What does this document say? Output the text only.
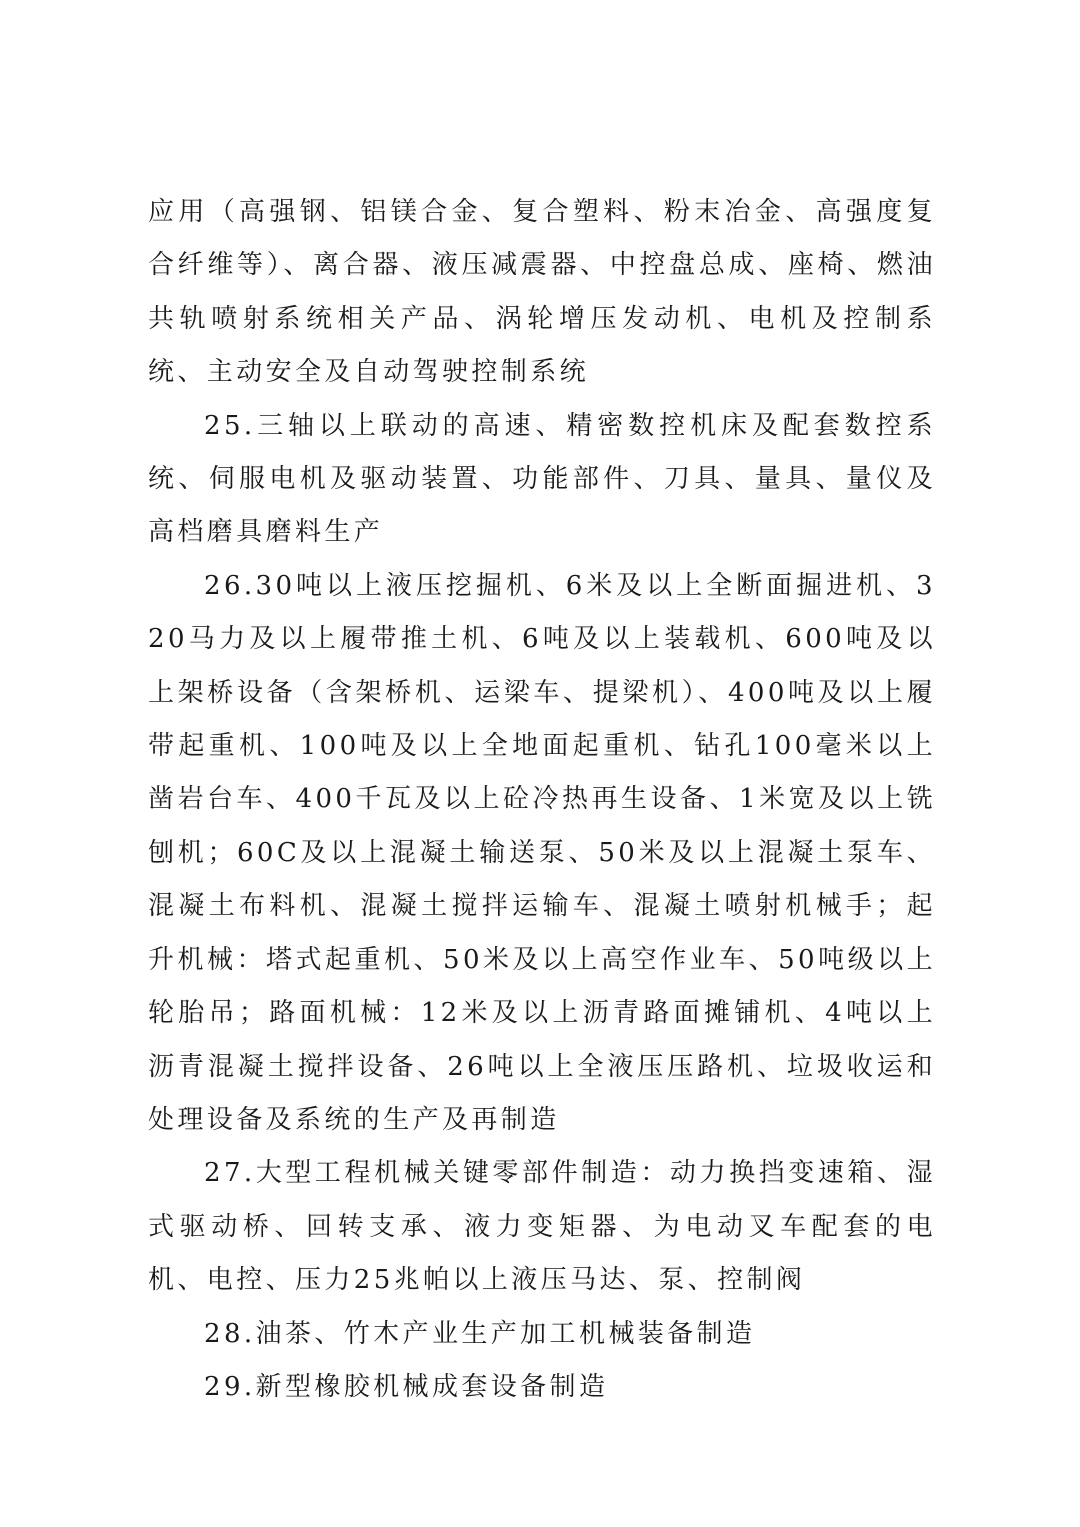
应用（高强钢、铝镁合金、复合塑料、粉末冶金、高强度复合纤维等）、离合器、液压减震器、中控盘总成、座椅、燃油共轨喷射系统相关产品、涡轮增压发动机、电机及控制系统、主动安全及自动驾驶控制系统

25.三轴以上联动的高速、精密数控机床及配套数控系统、伺服电机及驱动装置、功能部件、刀具、量具、量仪及高档磨具磨料生产

26.30吨以上液压挖掘机、6米及以上全断面掘进机、320马力及以上履带推土机、6吨及以上装载机、600吨及以上架桥设备（含架桥机、运梁车、提梁机）、400吨及以上履带起重机、100吨及以上全地面起重机、钻孔100毫米以上凿岩台车、400千瓦及以上砼冷热再生设备、1米宽及以上铣刨机；60C及以上混凝土输送泵、50米及以上混凝土泵车、混凝土布料机、混凝土搅拌运输车、混凝土喷射机械手；起升机械：塔式起重机、50米及以上高空作业车、50吨级以上轮胎吊；路面机械：12米及以上沥青路面摊铺机、4吨以上沥青混凝土搅拌设备、26吨以上全液压压路机、垃圾收运和处理设备及系统的生产及再制造

27.大型工程机械关键零部件制造：动力换挡变速箱、湿式驱动桥、回转支承、液力变矩器、为电动叉车配套的电机、电控、压力25兆帕以上液压马达、泵、控制阀

28.油茶、竹木产业生产加工机械装备制造

29.新型橡胶机械成套设备制造
